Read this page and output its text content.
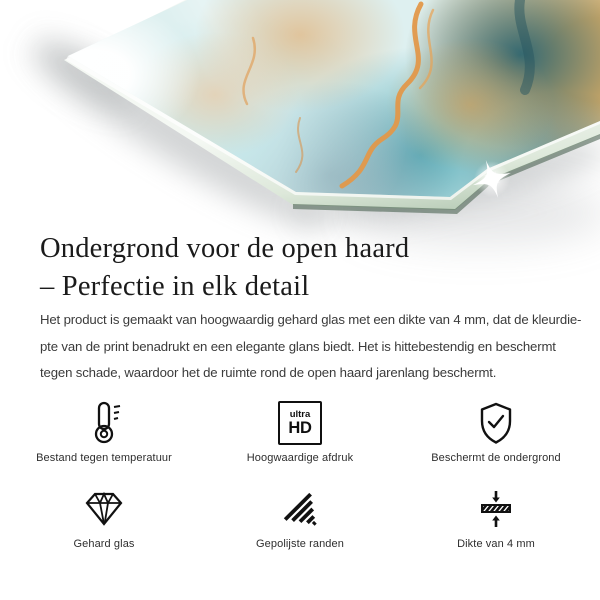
Ondergrond voor de open haard
– Perfectie in elk detail
Het product is gemaakt van hoogwaardig gehard glas met een dikte van 4 mm, dat de kleurdie-
pte van de print benadrukt en een elegante glans biedt. Het is hittebestendig en beschermt
tegen schade, waardoor het de ruimte rond de open haard jarenlang beschermt.
Bestand tegen temperatuur
ultra
HD
Hoogwaardige afdruk	Beschermt de ondergrond
Gehard glas	Gepolijste randen	Dikte van 4 mm
